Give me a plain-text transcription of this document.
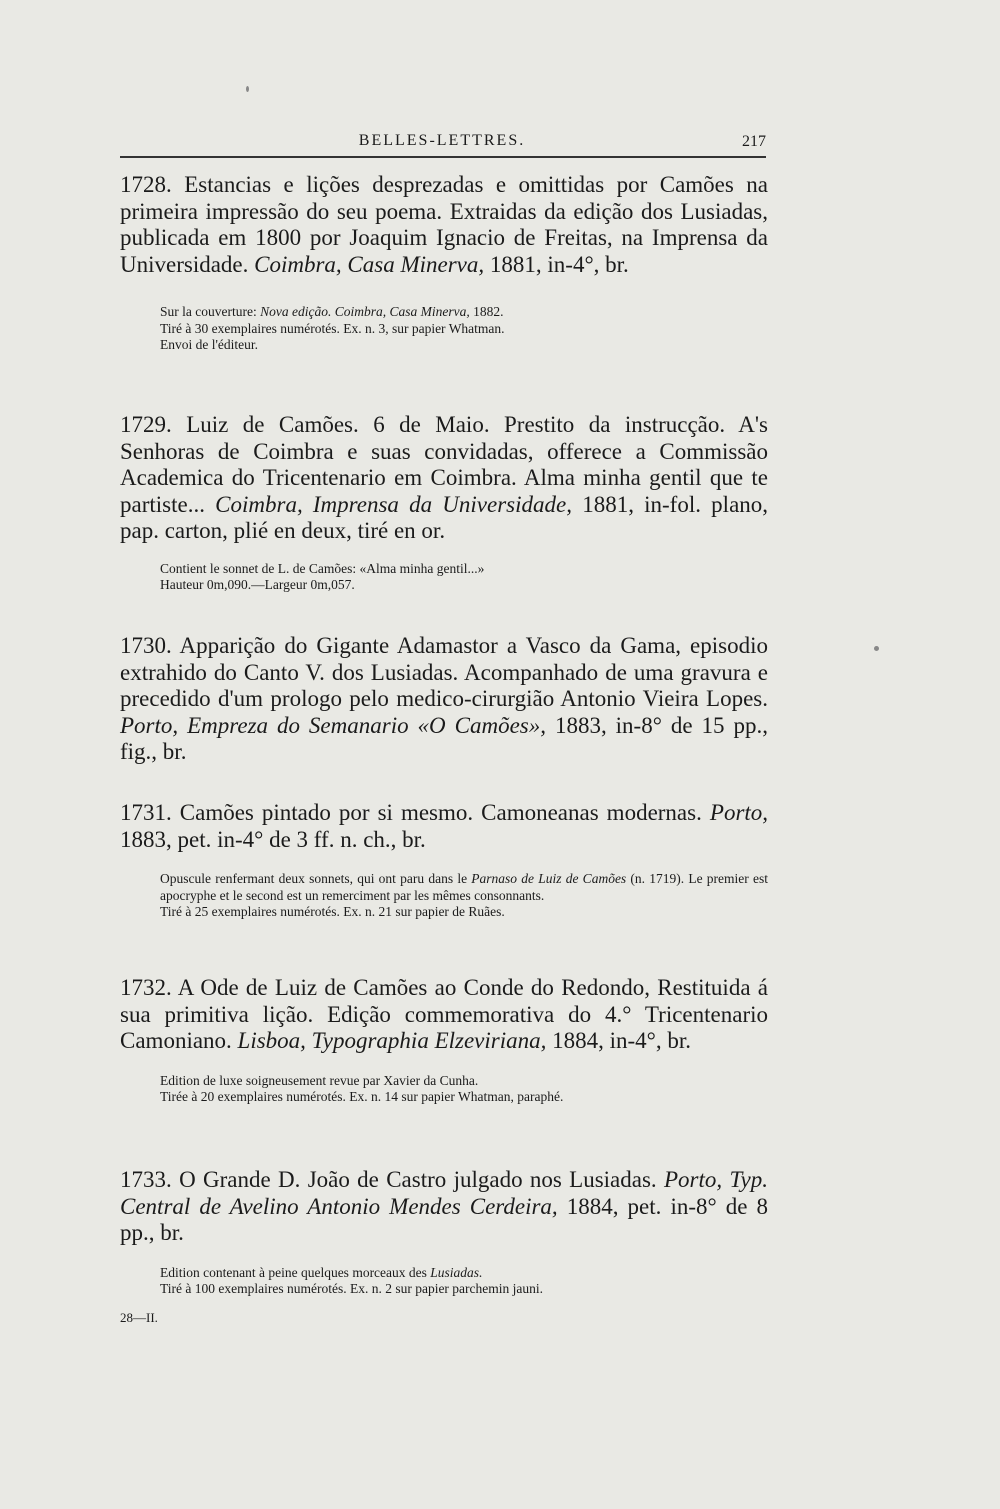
BELLES-LETTRES.	217
1728. Estancias e lições desprezadas e omittidas por Camões na primeira impressão do seu poema. Extraidas da edição dos Lusiadas, publicada em 1800 por Joaquim Ignacio de Freitas, na Imprensa da Universidade. Coimbra, Casa Minerva, 1881, in-4°, br.

Sur la couverture: Nova edição. Coimbra, Casa Minerva, 1882.

Tiré à 30 exemplaires numérotés. Ex. n. 3, sur papier Whatman.

Envoi de l'éditeur.

1729. Luiz de Camões. 6 de Maio. Prestito da instrucção. A's Senhoras de Coimbra e suas convidadas, offerece a Commissão Academica do Tricentenario em Coimbra. Alma minha gentil que te partiste... Coimbra, Imprensa da Universidade, 1881, in-fol. plano, pap. carton, plié en deux, tiré en or.

Contient le sonnet de L. de Camões: «Alma minha gentil...»

Hauteur 0m,090.—Largeur 0m,057.

1730. Apparição do Gigante Adamastor a Vasco da Gama, episodio extrahido do Canto V. dos Lusiadas. Acompanhado de uma gravura e precedido d'um prologo pelo medico-cirurgião Antonio Vieira Lopes. Porto, Empreza do Semanario «O Camões», 1883, in-8° de 15 pp., fig., br.
1731. Camões pintado por si mesmo. Camoneanas modernas. Porto, 1883, pet. in-4° de 3 ff. n. ch., br.

Opuscule renfermant deux sonnets, qui ont paru dans le Parnaso de Luiz de Camões (n. 1719). Le premier est apocryphe et le second est un remerciment par les mêmes consonnants.

Tiré à 25 exemplaires numérotés. Ex. n. 21 sur papier de Ruães.

1732. A Ode de Luiz de Camões ao Conde do Redondo, Restituida á sua primitiva lição. Edição commemorativa do 4.° Tricentenario Camoniano. Lisboa, Typographia Elzeviriana, 1884, in-4°, br.

Edition de luxe soigneusement revue par Xavier da Cunha.

Tirée à 20 exemplaires numérotés. Ex. n. 14 sur papier Whatman, paraphé.

1733. O Grande D. João de Castro julgado nos Lusiadas. Porto, Typ. Central de Avelino Antonio Mendes Cerdeira, 1884, pet. in-8° de 8 pp., br.

Edition contenant à peine quelques morceaux des Lusiadas.

Tiré à 100 exemplaires numérotés. Ex. n. 2 sur papier parchemin jauni.

28—II.
